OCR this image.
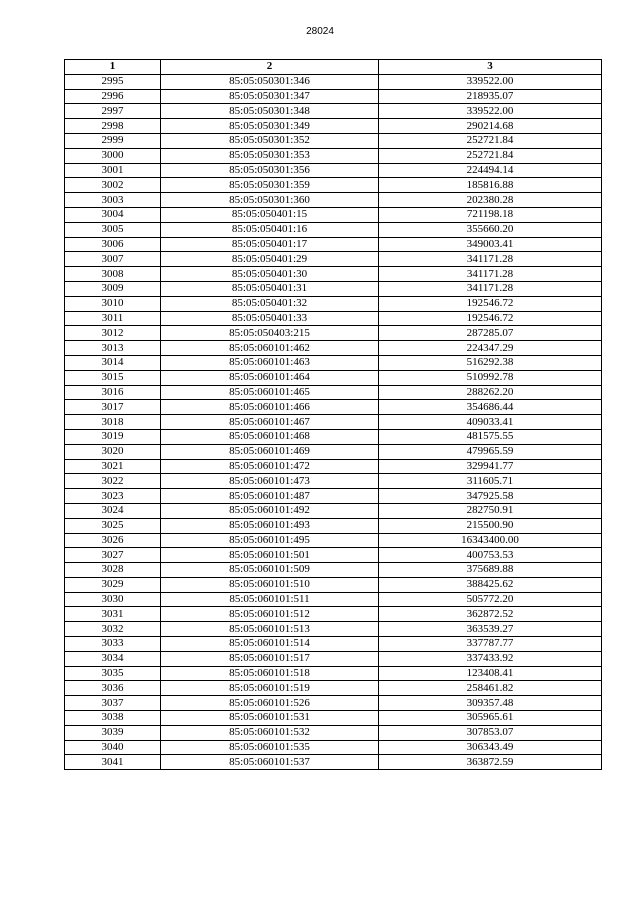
28024
1	2	3
2995	85:05:050301:346	339522.00
2996	85:05:050301:347	218935.07
2997	85:05:050301:348	339522.00
2998	85:05:050301:349	290214.68
2999	85:05:050301:352	252721.84
3000	85:05:050301:353	252721.84
3001	85:05:050301:356	224494.14
3002	85:05:050301:359	185816.88
3003	85:05:050301:360	202380.28
3004	85:05:050401:15	721198.18
3005	85:05:050401:16	355660.20
3006	85:05:050401:17	349003.41
3007	85:05:050401:29	341171.28
3008	85:05:050401:30	341171.28
3009	85:05:050401:31	341171.28
3010	85:05:050401:32	192546.72
3011	85:05:050401:33	192546.72
3012	85:05:050403:215	287285.07
3013	85:05:060101:462	224347.29
3014	85:05:060101:463	516292.38
3015	85:05:060101:464	510992.78
3016	85:05:060101:465	288262.20
3017	85:05:060101:466	354686.44
3018	85:05:060101:467	409033.41
3019	85:05:060101:468	481575.55
3020	85:05:060101:469	479965.59
3021	85:05:060101:472	329941.77
3022	85:05:060101:473	311605.71
3023	85:05:060101:487	347925.58
3024	85:05:060101:492	282750.91
3025	85:05:060101:493	215500.90
3026	85:05:060101:495	16343400.00
3027	85:05:060101:501	400753.53
3028	85:05:060101:509	375689.88
3029	85:05:060101:510	388425.62
3030	85:05:060101:511	505772.20
3031	85:05:060101:512	362872.52
3032	85:05:060101:513	363539.27
3033	85:05:060101:514	337787.77
3034	85:05:060101:517	337433.92
3035	85:05:060101:518	123408.41
3036	85:05:060101:519	258461.82
3037	85:05:060101:526	309357.48
3038	85:05:060101:531	305965.61
3039	85:05:060101:532	307853.07
3040	85:05:060101:535	306343.49
3041	85:05:060101:537	363872.59
